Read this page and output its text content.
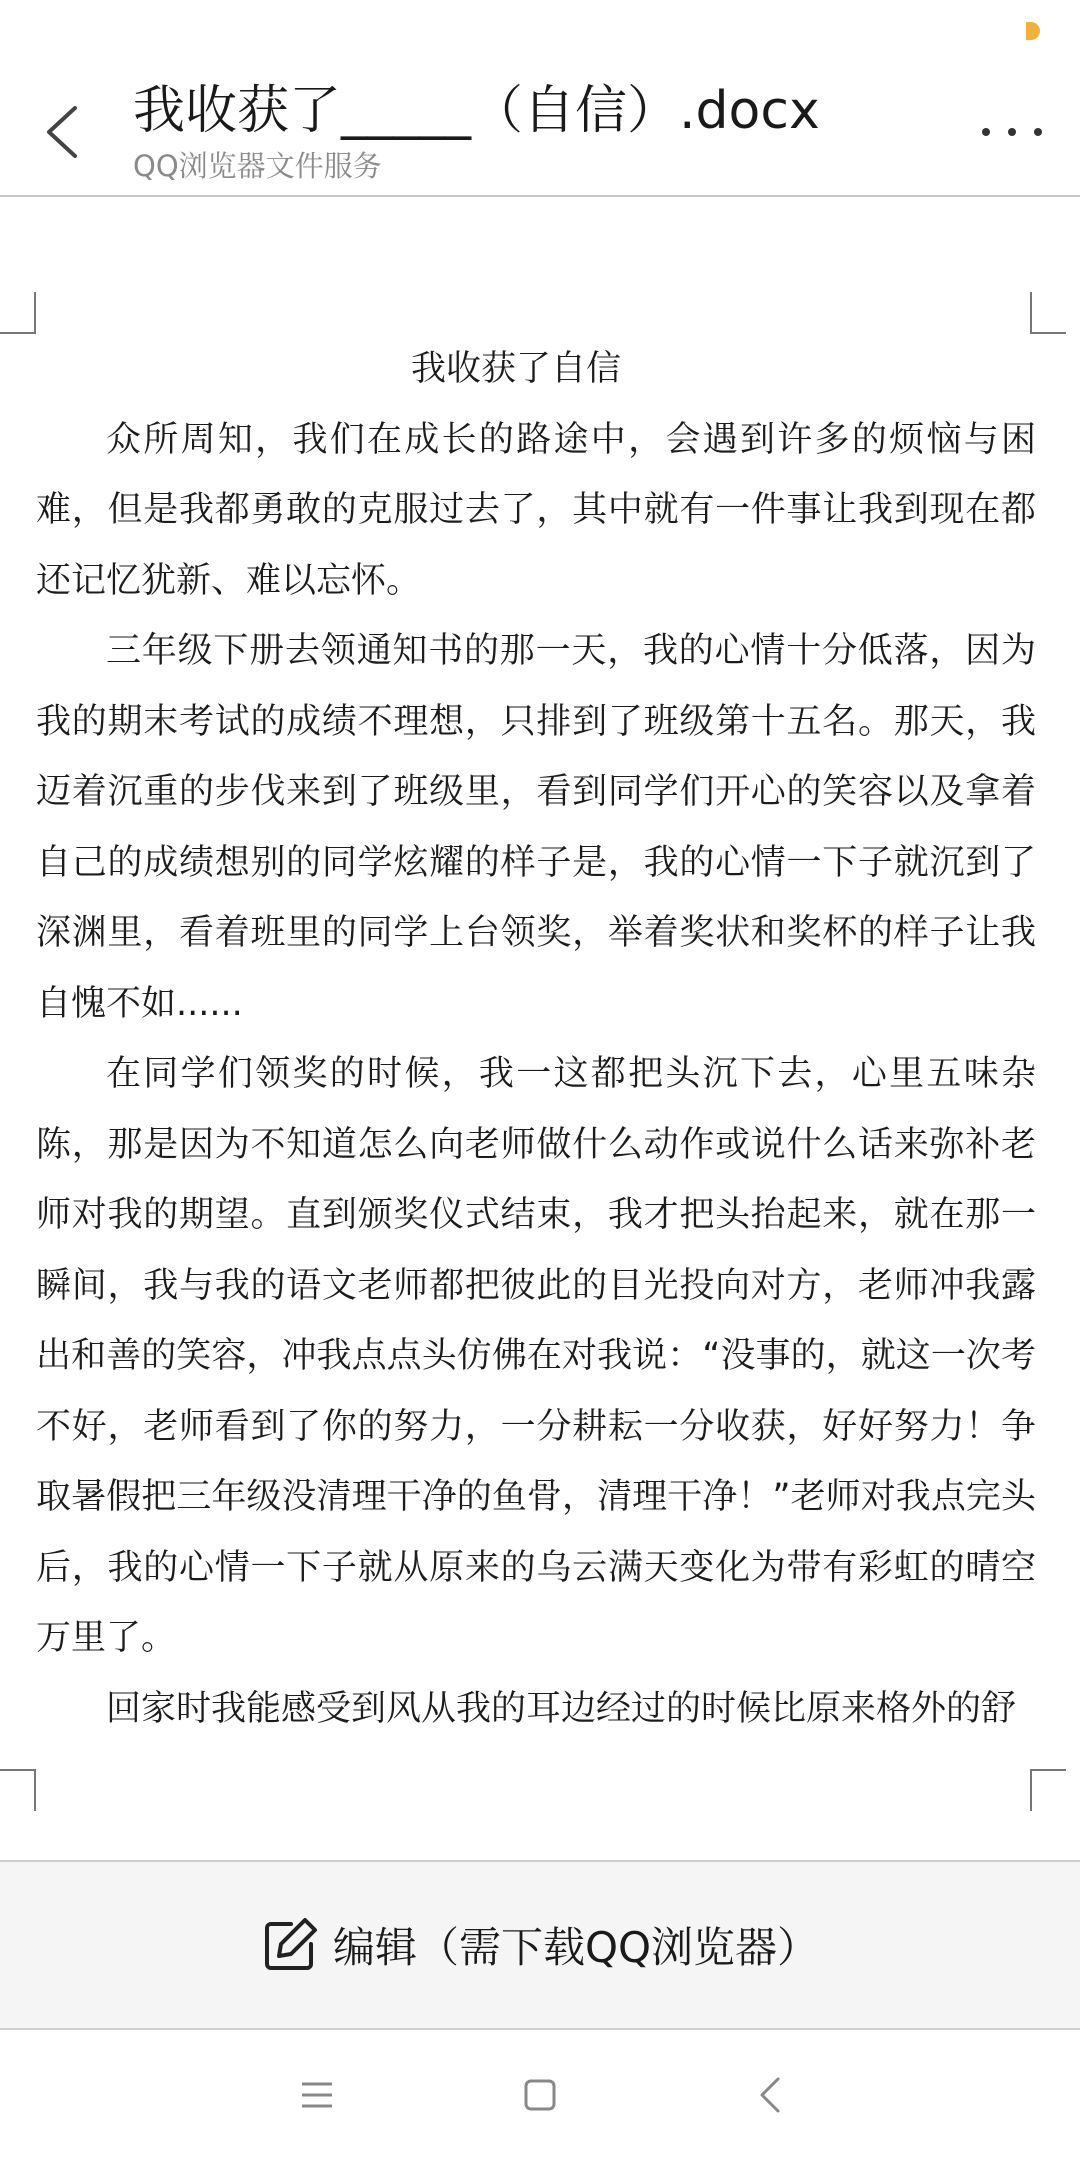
我收获了_____（自信）.docx
QQ浏览器文件服务

我收获了自信

众所周知，我们在成长的路途中，会遇到许多的烦恼与困难，但是我都勇敢的克服过去了，其中就有一件事让我到现在都还记忆犹新、难以忘怀。

三年级下册去领通知书的那一天，我的心情十分低落，因为我的期末考试的成绩不理想，只排到了班级第十五名。那天，我迈着沉重的步伐来到了班级里，看到同学们开心的笑容以及拿着自己的成绩想别的同学炫耀的样子是，我的心情一下子就沉到了深渊里，看着班里的同学上台领奖，举着奖状和奖杯的样子让我自愧不如......

在同学们领奖的时候，我一这都把头沉下去，心里五味杂陈，那是因为不知道怎么向老师做什么动作或说什么话来弥补老师对我的期望。直到颁奖仪式结束，我才把头抬起来，就在那一瞬间，我与我的语文老师都把彼此的目光投向对方，老师冲我露出和善的笑容，冲我点点头仿佛在对我说：“没事的，就这一次考不好，老师看到了你的努力，一分耕耘一分收获，好好努力！争取暑假把三年级没清理干净的鱼骨，清理干净！”老师对我点完头后，我的心情一下子就从原来的乌云满天变化为带有彩虹的晴空万里了。

回家时我能感受到风从我的耳边经过的时候比原来格外的舒

编辑（需下载QQ浏览器）
